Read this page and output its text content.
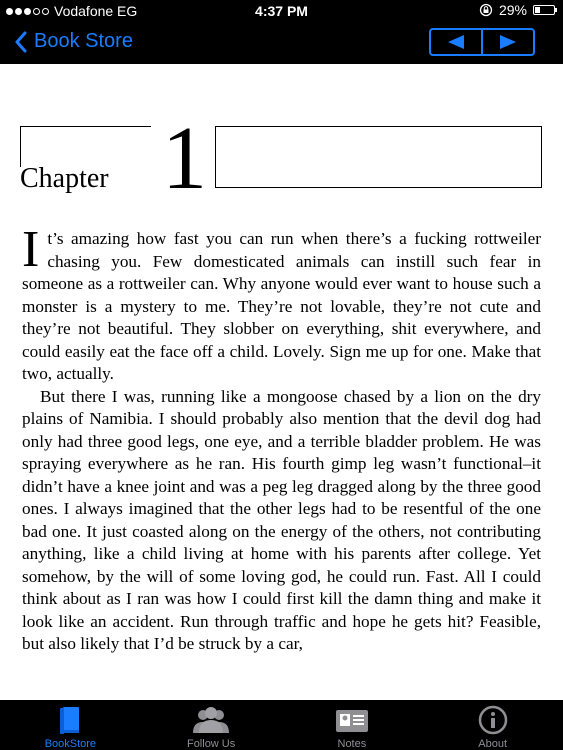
Vodafone EG	4:37 PM	29%
Book Store
Chapter 1

It’s amazing how fast you can run when there’s a fucking rottweiler chasing you. Few domesticated animals can instill such fear in someone as a rottweiler can. Why anyone would ever want to house such a monster is a mystery to me. They’re not lovable, they’re not cute and they’re not beautiful. They slobber on everything, shit everywhere, and could easily eat the face off a child. Lovely. Sign me up for one. Make that two, actually.

But there I was, running like a mongoose chased by a lion on the dry plains of Namibia. I should probably also mention that the devil dog had only had three good legs, one eye, and a terrible bladder problem. He was spraying everywhere as he ran. His fourth gimp leg wasn’t functional–it didn’t have a knee joint and was a peg leg dragged along by the three good ones. I always imagined that the other legs had to be resentful of the one bad one. It just coasted along on the energy of the others, not contributing anything, like a child living at home with his parents after college. Yet somehow, by the will of some loving god, he could run. Fast. All I could think about as I ran was how I could first kill the damn thing and make it look like an accident. Run through traffic and hope he gets hit? Feasible, but also likely that I’d be struck by a car,

BookStore	Follow Us	Notes	About
